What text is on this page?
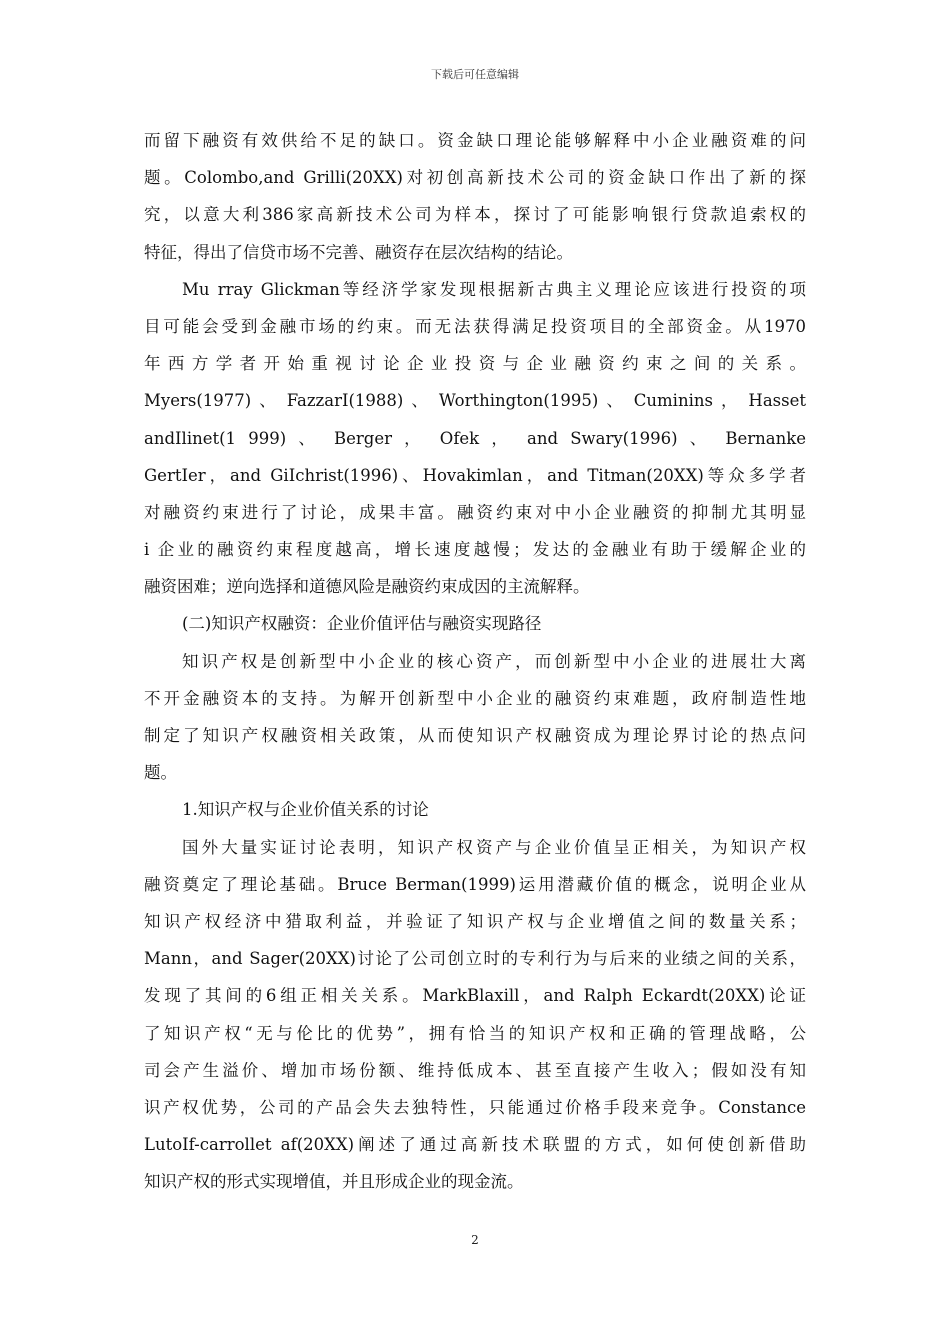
下载后可任意编辑
而留下融资有效供给不足的缺口。资金缺口理论能够解释中小企业融资难的问
题。Colombo,and Grilli(20XX)对初创高新技术公司的资金缺口作出了新的探
究，以意大利386家高新技术公司为样本，探讨了可能影响银行贷款追索权的
特征，得出了信贷市场不完善、融资存在层次结构的结论。
Mu rray Glickman等经济学家发现根据新古典主义理论应该进行投资的项
目可能会受到金融市场的约束。而无法获得满足投资项目的全部资金。从1970
年西方学者开始重视讨论企业投资与企业融资约束之间的关系。
Myers(1977) 、 FazzarI(1988) 、 Worthington(1995) 、 Cuminins ， Hasset
andIlinet(1 999) 、 Berger ， Ofek ， and Swary(1996) 、 Bernanke
GertIer，and GiIchrist(1996)、Hovakimlan，and Titman(20XX)等众多学者
对融资约束进行了讨论，成果丰富。融资约束对中小企业融资的抑制尤其明显
i 企业的融资约束程度越高，增长速度越慢；发达的金融业有助于缓解企业的
融资困难；逆向选择和道德风险是融资约束成因的主流解释。
(二)知识产权融资：企业价值评估与融资实现路径
知识产权是创新型中小企业的核心资产，而创新型中小企业的进展壮大离
不开金融资本的支持。为解开创新型中小企业的融资约束难题，政府制造性地
制定了知识产权融资相关政策，从而使知识产权融资成为理论界讨论的热点问
题。
1.知识产权与企业价值关系的讨论
国外大量实证讨论表明，知识产权资产与企业价值呈正相关，为知识产权
融资奠定了理论基础。Bruce Berman(1999)运用潜藏价值的概念，说明企业从
知识产权经济中猎取利益，并验证了知识产权与企业增值之间的数量关系；
Mann，and Sager(20XX)讨论了公司创立时的专利行为与后来的业绩之间的关系，
发现了其间的6组正相关关系。MarkBlaxill，and Ralph Eckardt(20XX)论证
了知识产权“无与伦比的优势”，拥有恰当的知识产权和正确的管理战略，公
司会产生溢价、增加市场份额、维持低成本、甚至直接产生收入；假如没有知
识产权优势，公司的产品会失去独特性，只能通过价格手段来竞争。Constance
LutoIf-carrollet af(20XX)阐述了通过高新技术联盟的方式，如何使创新借助
知识产权的形式实现增值，并且形成企业的现金流。
2
